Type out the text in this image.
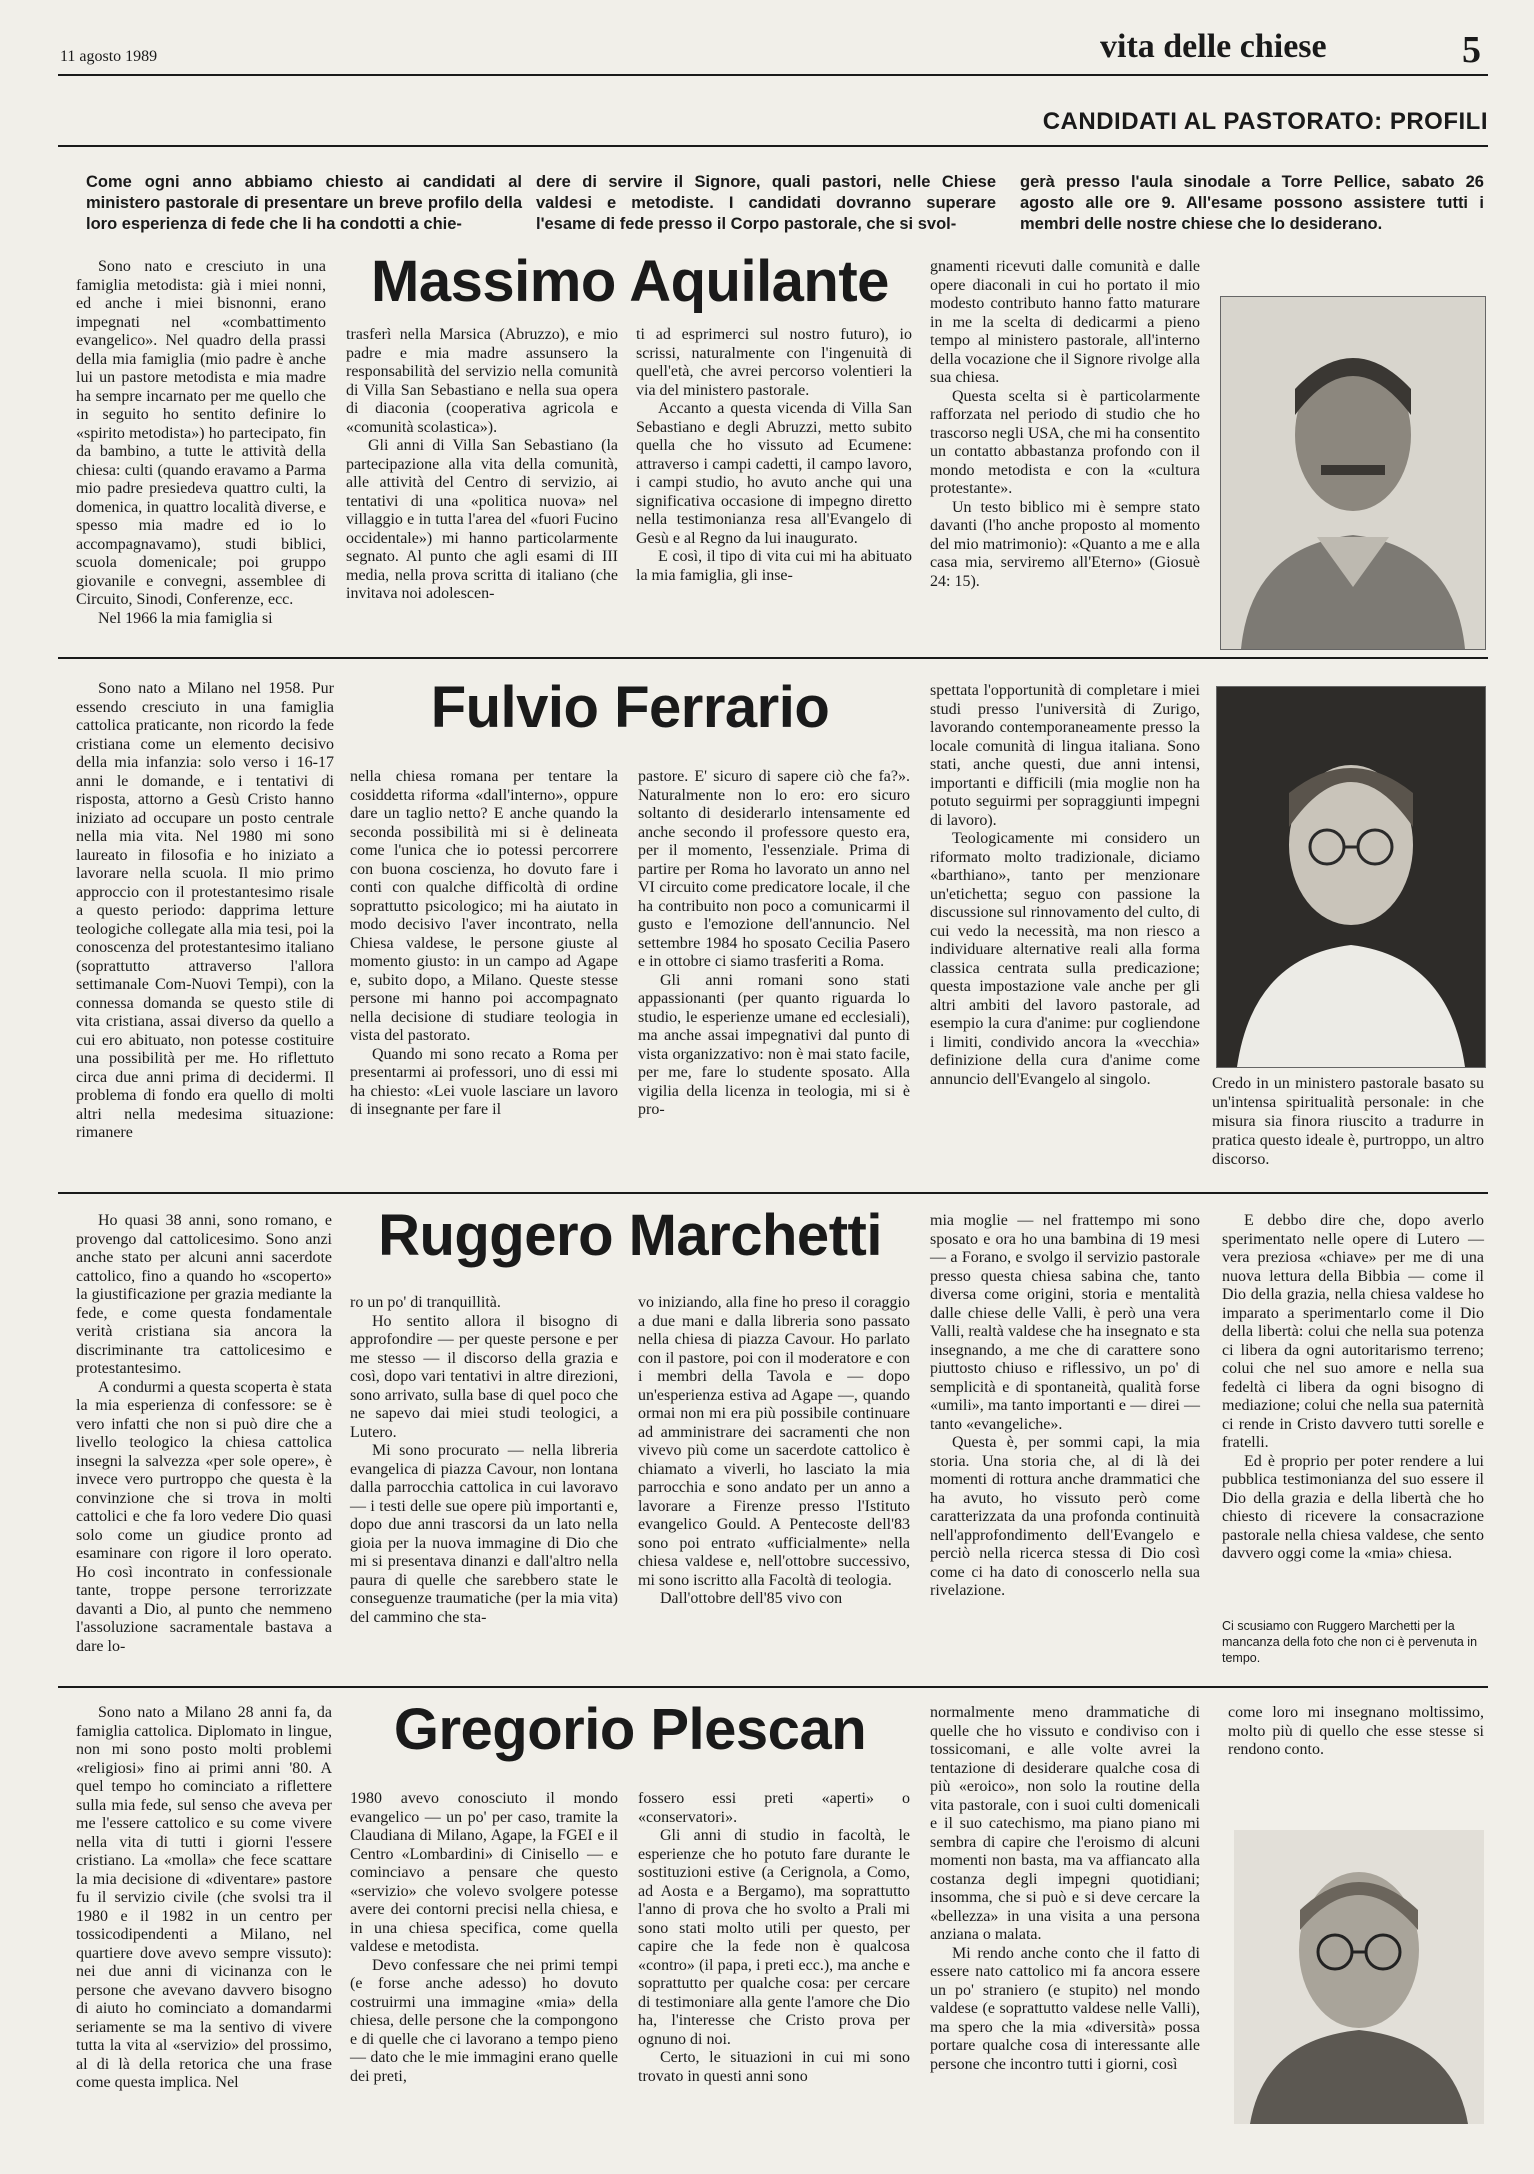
11 agosto 1989	vita delle chiese	5
CANDIDATI AL PASTORATO: PROFILI
Come ogni anno abbiamo chiesto ai candidati al ministero pastorale di presentare un breve profilo della loro esperienza di fede che li ha condotti a chie-
dere di servire il Signore, quali pastori, nelle Chiese valdesi e metodiste. I candidati dovranno superare l'esame di fede presso il Corpo pastorale, che si svol-
gerà presso l'aula sinodale a Torre Pellice, sabato 26 agosto alle ore 9. All'esame possono assistere tutti i membri delle nostre chiese che lo desiderano.
Massimo Aquilante

Sono nato e cresciuto in una famiglia metodista: già i miei nonni, ed anche i miei bisnonni, erano impegnati nel «combattimento evangelico». Nel quadro della prassi della mia famiglia (mio padre è anche lui un pastore metodista e mia madre ha sempre incarnato per me quello che in seguito ho sentito definire lo «spirito metodista») ho partecipato, fin da bambino, a tutte le attività della chiesa: culti (quando eravamo a Parma mio padre presiedeva quattro culti, la domenica, in quattro località diverse, e spesso mia madre ed io lo accompagnavamo), studi biblici, scuola domenicale; poi gruppo giovanile e convegni, assemblee di Circuito, Sinodi, Conferenze, ecc.

Nel 1966 la mia famiglia si

trasferì nella Marsica (Abruzzo), e mio padre e mia madre assunsero la responsabilità del servizio nella comunità di Villa San Sebastiano e nella sua opera di diaconia (cooperativa agricola e «comunità scolastica»).

Gli anni di Villa San Sebastiano (la partecipazione alla vita della comunità, alle attività del Centro di servizio, ai tentativi di una «politica nuova» nel villaggio e in tutta l'area del «fuori Fucino occidentale») mi hanno particolarmente segnato. Al punto che agli esami di III media, nella prova scritta di italiano (che invitava noi adolescen-

ti ad esprimerci sul nostro futuro), io scrissi, naturalmente con l'ingenuità di quell'età, che avrei percorso volentieri la via del ministero pastorale.

Accanto a questa vicenda di Villa San Sebastiano e degli Abruzzi, metto subito quella che ho vissuto ad Ecumene: attraverso i campi cadetti, il campo lavoro, i campi studio, ho avuto anche qui una significativa occasione di impegno diretto nella testimonianza resa all'Evangelo di Gesù e al Regno da lui inaugurato.

E così, il tipo di vita cui mi ha abituato la mia famiglia, gli inse-

gnamenti ricevuti dalle comunità e dalle opere diaconali in cui ho portato il mio modesto contributo hanno fatto maturare in me la scelta di dedicarmi a pieno tempo al ministero pastorale, all'interno della vocazione che il Signore rivolge alla sua chiesa.

Questa scelta si è particolarmente rafforzata nel periodo di studio che ho trascorso negli USA, che mi ha consentito un contatto abbastanza profondo con il mondo metodista e con la «cultura protestante».

Un testo biblico mi è sempre stato davanti (l'ho anche proposto al momento del mio matrimonio): «Quanto a me e alla casa mia, serviremo all'Eterno» (Giosuè 24: 15).

Fulvio Ferrario

Sono nato a Milano nel 1958. Pur essendo cresciuto in una famiglia cattolica praticante, non ricordo la fede cristiana come un elemento decisivo della mia infanzia: solo verso i 16-17 anni le domande, e i tentativi di risposta, attorno a Gesù Cristo hanno iniziato ad occupare un posto centrale nella mia vita. Nel 1980 mi sono laureato in filosofia e ho iniziato a lavorare nella scuola. Il mio primo approccio con il protestantesimo risale a questo periodo: dapprima letture teologiche collegate alla mia tesi, poi la conoscenza del protestantesimo italiano (soprattutto attraverso l'allora settimanale Com-Nuovi Tempi), con la connessa domanda se questo stile di vita cristiana, assai diverso da quello a cui ero abituato, non potesse costituire una possibilità per me. Ho riflettuto circa due anni prima di decidermi. Il problema di fondo era quello di molti altri nella medesima situazione: rimanere

nella chiesa romana per tentare la cosiddetta riforma «dall'interno», oppure dare un taglio netto? E anche quando la seconda possibilità mi si è delineata come l'unica che io potessi percorrere con buona coscienza, ho dovuto fare i conti con qualche difficoltà di ordine soprattutto psicologico; mi ha aiutato in modo decisivo l'aver incontrato, nella Chiesa valdese, le persone giuste al momento giusto: in un campo ad Agape e, subito dopo, a Milano. Queste stesse persone mi hanno poi accompagnato nella decisione di studiare teologia in vista del pastorato.

Quando mi sono recato a Roma per presentarmi ai professori, uno di essi mi ha chiesto: «Lei vuole lasciare un lavoro di insegnante per fare il

pastore. E' sicuro di sapere ciò che fa?». Naturalmente non lo ero: ero sicuro soltanto di desiderarlo intensamente ed anche secondo il professore questo era, per il momento, l'essenziale. Prima di partire per Roma ho lavorato un anno nel VI circuito come predicatore locale, il che ha contribuito non poco a comunicarmi il gusto e l'emozione dell'annuncio. Nel settembre 1984 ho sposato Cecilia Pasero e in ottobre ci siamo trasferiti a Roma.

Gli anni romani sono stati appassionanti (per quanto riguarda lo studio, le esperienze umane ed ecclesiali), ma anche assai impegnativi dal punto di vista organizzativo: non è mai stato facile, per me, fare lo studente sposato. Alla vigilia della licenza in teologia, mi si è pro-

spettata l'opportunità di completare i miei studi presso l'università di Zurigo, lavorando contemporaneamente presso la locale comunità di lingua italiana. Sono stati, anche questi, due anni intensi, importanti e difficili (mia moglie non ha potuto seguirmi per sopraggiunti impegni di lavoro).

Teologicamente mi considero un riformato molto tradizionale, diciamo «barthiano», tanto per menzionare un'etichetta; seguo con passione la discussione sul rinnovamento del culto, di cui vedo la necessità, ma non riesco a individuare alternative reali alla forma classica centrata sulla predicazione; questa impostazione vale anche per gli altri ambiti del lavoro pastorale, ad esempio la cura d'anime: pur cogliendone i limiti, condivido ancora la «vecchia» definizione della cura d'anime come annuncio dell'Evangelo al singolo.	Credo in un ministero pastorale basato su un'intensa spiritualità personale: in che misura sia finora riuscito a tradurre in pratica questo ideale è, purtroppo, un altro discorso.
Ruggero Marchetti

Ho quasi 38 anni, sono romano, e provengo dal cattolicesimo. Sono anzi anche stato per alcuni anni sacerdote cattolico, fino a quando ho «scoperto» la giustificazione per grazia mediante la fede, e come questa fondamentale verità cristiana sia ancora la discriminante tra cattolicesimo e protestantesimo.

A condurmi a questa scoperta è stata la mia esperienza di confessore: se è vero infatti che non si può dire che a livello teologico la chiesa cattolica insegni la salvezza «per sole opere», è invece vero purtroppo che questa è la convinzione che si trova in molti cattolici e che fa loro vedere Dio quasi solo come un giudice pronto ad esaminare con rigore il loro operato. Ho così incontrato in confessionale tante, troppe persone terrorizzate davanti a Dio, al punto che nemmeno l'assoluzione sacramentale bastava a dare lo-

ro un po' di tranquillità.

Ho sentito allora il bisogno di approfondire — per queste persone e per me stesso — il discorso della grazia e così, dopo vari tentativi in altre direzioni, sono arrivato, sulla base di quel poco che ne sapevo dai miei studi teologici, a Lutero.

Mi sono procurato — nella libreria evangelica di piazza Cavour, non lontana dalla parrocchia cattolica in cui lavoravo — i testi delle sue opere più importanti e, dopo due anni trascorsi da un lato nella gioia per la nuova immagine di Dio che mi si presentava dinanzi e dall'altro nella paura di quelle che sarebbero state le conseguenze traumatiche (per la mia vita) del cammino che sta-

vo iniziando, alla fine ho preso il coraggio a due mani e dalla libreria sono passato nella chiesa di piazza Cavour. Ho parlato con il pastore, poi con il moderatore e con i membri della Tavola e — dopo un'esperienza estiva ad Agape —, quando ormai non mi era più possibile continuare ad amministrare dei sacramenti che non vivevo più come un sacerdote cattolico è chiamato a viverli, ho lasciato la mia parrocchia e sono andato per un anno a lavorare a Firenze presso l'Istituto evangelico Gould. A Pentecoste dell'83 sono poi entrato «ufficialmente» nella chiesa valdese e, nell'ottobre successivo, mi sono iscritto alla Facoltà di teologia.

Dall'ottobre dell'85 vivo con

mia moglie — nel frattempo mi sono sposato e ora ho una bambina di 19 mesi — a Forano, e svolgo il servizio pastorale presso questa chiesa sabina che, tanto diversa come origini, storia e mentalità dalle chiese delle Valli, è però una vera Valli, realtà valdese che ha insegnato e sta insegnando, a me che di carattere sono piuttosto chiuso e riflessivo, un po' di semplicità e di spontaneità, qualità forse «umili», ma tanto importanti e — direi — tanto «evangeliche».

Questa è, per sommi capi, la mia storia. Una storia che, al di là dei momenti di rottura anche drammatici che ha avuto, ho vissuto però come caratterizzata da una profonda continuità nell'approfondimento dell'Evangelo e perciò nella ricerca stessa di Dio così come ci ha dato di conoscerlo nella sua rivelazione.

E debbo dire che, dopo averlo sperimentato nelle opere di Lutero — vera preziosa «chiave» per me di una nuova lettura della Bibbia — come il Dio della grazia, nella chiesa valdese ho imparato a sperimentarlo come il Dio della libertà: colui che nella sua potenza ci libera da ogni autoritarismo terreno; colui che nel suo amore e nella sua fedeltà ci libera da ogni bisogno di mediazione; colui che nella sua paternità ci rende in Cristo davvero tutti sorelle e fratelli.

Ed è proprio per poter rendere a lui pubblica testimonianza del suo essere il Dio della grazia e della libertà che ho chiesto di ricevere la consacrazione pastorale nella chiesa valdese, che sento davvero oggi come la «mia» chiesa.

Ci scusiamo con Ruggero Marchetti per la mancanza della foto che non ci è pervenuta in tempo.
Gregorio Plescan

Sono nato a Milano 28 anni fa, da famiglia cattolica. Diplomato in lingue, non mi sono posto molti problemi «religiosi» fino ai primi anni '80. A quel tempo ho cominciato a riflettere sulla mia fede, sul senso che aveva per me l'essere cattolico e su come vivere nella vita di tutti i giorni l'essere cristiano. La «molla» che fece scattare la mia decisione di «diventare» pastore fu il servizio civile (che svolsi tra il 1980 e il 1982 in un centro per tossicodipendenti a Milano, nel quartiere dove avevo sempre vissuto): nei due anni di vicinanza con le persone che avevano davvero bisogno di aiuto ho cominciato a domandarmi seriamente se ma la sentivo di vivere tutta la vita al «servizio» del prossimo, al di là della retorica che una frase come questa implica. Nel

1980 avevo conosciuto il mondo evangelico — un po' per caso, tramite la Claudiana di Milano, Agape, la FGEI e il Centro «Lombardini» di Cinisello — e cominciavo a pensare che questo «servizio» che volevo svolgere potesse avere dei contorni precisi nella chiesa, e in una chiesa specifica, come quella valdese e metodista.

Devo confessare che nei primi tempi (e forse anche adesso) ho dovuto costruirmi una immagine «mia» della chiesa, delle persone che la compongono e di quelle che ci lavorano a tempo pieno — dato che le mie immagini erano quelle dei preti,

fossero essi preti «aperti» o «conservatori».

Gli anni di studio in facoltà, le esperienze che ho potuto fare durante le sostituzioni estive (a Cerignola, a Como, ad Aosta e a Bergamo), ma soprattutto l'anno di prova che ho svolto a Prali mi sono stati molto utili per questo, per capire che la fede non è qualcosa «contro» (il papa, i preti ecc.), ma anche e soprattutto per qualche cosa: per cercare di testimoniare alla gente l'amore che Dio ha, l'interesse che Cristo prova per ognuno di noi.

Certo, le situazioni in cui mi sono trovato in questi anni sono

normalmente meno drammatiche di quelle che ho vissuto e condiviso con i tossicomani, e alle volte avrei la tentazione di desiderare qualche cosa di più «eroico», non solo la routine della vita pastorale, con i suoi culti domenicali e il suo catechismo, ma piano piano mi sembra di capire che l'eroismo di alcuni momenti non basta, ma va affiancato alla costanza degli impegni quotidiani; insomma, che si può e si deve cercare la «bellezza» in una visita a una persona anziana o malata.

Mi rendo anche conto che il fatto di essere nato cattolico mi fa ancora essere un po' straniero (e stupito) nel mondo valdese (e soprattutto valdese nelle Valli), ma spero che la mia «diversità» possa portare qualche cosa di interessante alle persone che incontro tutti i giorni, così

come loro mi insegnano moltissimo, molto più di quello che esse stesse si rendono conto.
